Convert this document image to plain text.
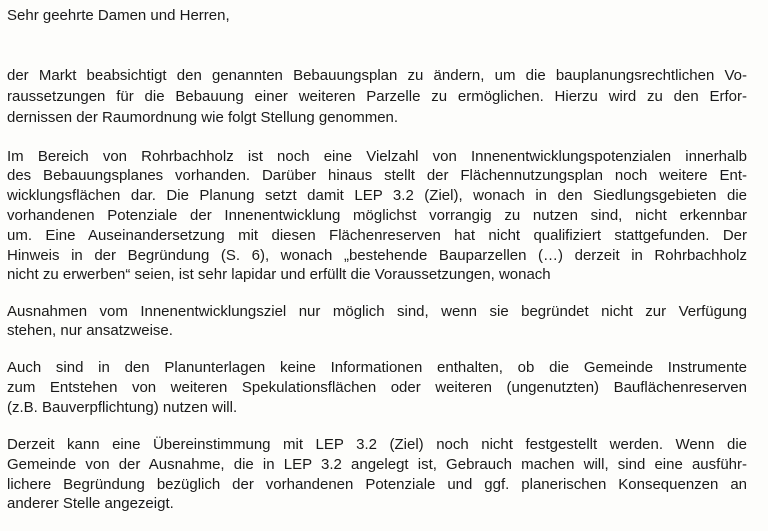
Sehr geehrte Damen und Herren,
der Markt beabsichtigt den genannten Bebauungsplan zu ändern, um die bauplanungsrechtlichen Vo-
raussetzungen für die Bebauung einer weiteren Parzelle zu ermöglichen. Hierzu wird zu den Erfor-
dernissen der Raumordnung wie folgt Stellung genommen.
Im Bereich von Rohrbachholz ist noch eine Vielzahl von Innenentwicklungspotenzialen innerhalb
des Bebauungsplanes vorhanden. Darüber hinaus stellt der Flächennutzungsplan noch weitere Ent-
wicklungsflächen dar. Die Planung setzt damit LEP 3.2 (Ziel), wonach in den Siedlungsgebieten die
vorhandenen Potenziale der Innenentwicklung möglichst vorrangig zu nutzen sind, nicht erkennbar
um. Eine Auseinandersetzung mit diesen Flächenreserven hat nicht qualifiziert stattgefunden. Der
Hinweis in der Begründung (S. 6), wonach „bestehende Bauparzellen (…) derzeit in Rohrbachholz
nicht zu erwerben“ seien, ist sehr lapidar und erfüllt die Voraussetzungen, wonach
Ausnahmen vom Innenentwicklungsziel nur möglich sind, wenn sie begründet nicht zur Verfügung
stehen, nur ansatzweise.
Auch sind in den Planunterlagen keine Informationen enthalten, ob die Gemeinde Instrumente
zum Entstehen von weiteren Spekulationsflächen oder weiteren (ungenutzten) Bauflächenreserven
(z.B. Bauverpflichtung) nutzen will.
Derzeit kann eine Übereinstimmung mit LEP 3.2 (Ziel) noch nicht festgestellt werden. Wenn die
Gemeinde von der Ausnahme, die in LEP 3.2 angelegt ist, Gebrauch machen will, sind eine ausführ-
lichere Begründung bezüglich der vorhandenen Potenziale und ggf. planerischen Konsequenzen an
anderer Stelle angezeigt.
